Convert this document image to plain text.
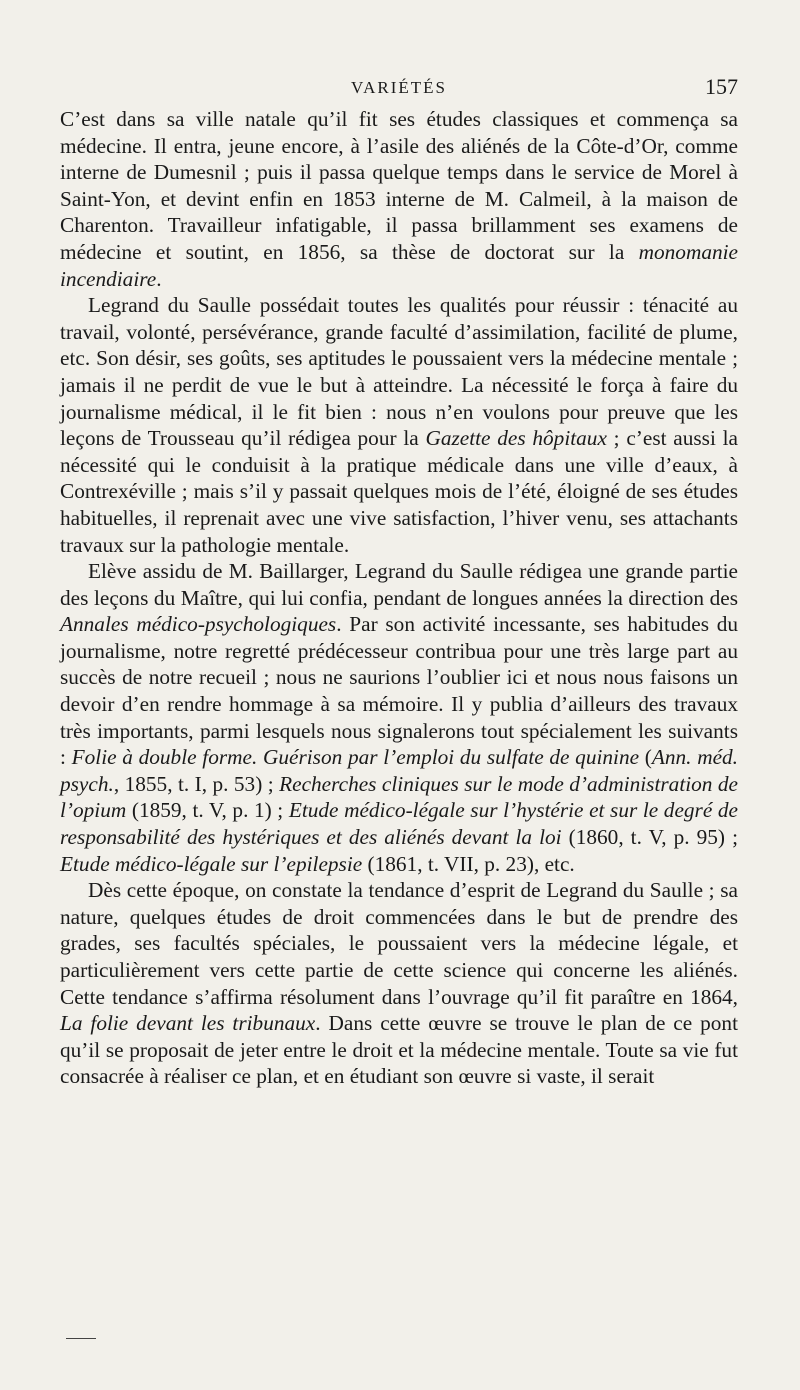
VARIÉTÉS	157

C’est dans sa ville natale qu’il fit ses études classiques et commença sa médecine. Il entra, jeune encore, à l’asile des aliénés de la Côte-d’Or, comme interne de Dumesnil ; puis il passa quelque temps dans le service de Morel à Saint-Yon, et devint enfin en 1853 interne de M. Calmeil, à la maison de Charenton. Travailleur infatigable, il passa brillamment ses examens de médecine et soutint, en 1856, sa thèse de doctorat sur la monomanie incendiaire.

Legrand du Saulle possédait toutes les qualités pour réussir : ténacité au travail, volonté, persévérance, grande faculté d’assimilation, facilité de plume, etc. Son désir, ses goûts, ses aptitudes le poussaient vers la médecine mentale ; jamais il ne perdit de vue le but à atteindre. La nécessité le força à faire du journalisme médical, il le fit bien : nous n’en voulons pour preuve que les leçons de Trousseau qu’il rédigea pour la Gazette des hôpitaux ; c’est aussi la nécessité qui le conduisit à la pratique médicale dans une ville d’eaux, à Contrexéville ; mais s’il y passait quelques mois de l’été, éloigné de ses études habituelles, il reprenait avec une vive satisfaction, l’hiver venu, ses attachants travaux sur la pathologie mentale.

Elève assidu de M. Baillarger, Legrand du Saulle rédigea une grande partie des leçons du Maître, qui lui confia, pendant de longues années la direction des Annales médico-psychologiques. Par son activité incessante, ses habitudes du journalisme, notre regretté prédécesseur contribua pour une très large part au succès de notre recueil ; nous ne saurions l’oublier ici et nous nous faisons un devoir d’en rendre hommage à sa mémoire. Il y publia d’ailleurs des travaux très importants, parmi lesquels nous signalerons tout spécialement les suivants : Folie à double forme. Guérison par l’emploi du sulfate de quinine (Ann. méd. psych., 1855, t. I, p. 53) ; Recherches cliniques sur le mode d’administration de l’opium (1859, t. V, p. 1) ; Etude médico-légale sur l’hystérie et sur le degré de responsabilité des hystériques et des aliénés devant la loi (1860, t. V, p. 95) ; Etude médico-légale sur l’epilepsie (1861, t. VII, p. 23), etc.

Dès cette époque, on constate la tendance d’esprit de Legrand du Saulle ; sa nature, quelques études de droit commencées dans le but de prendre des grades, ses facultés spéciales, le poussaient vers la médecine légale, et particulièrement vers cette partie de cette science qui concerne les aliénés. Cette tendance s’affirma résolument dans l’ouvrage qu’il fit paraître en 1864, La folie devant les tribunaux. Dans cette œuvre se trouve le plan de ce pont qu’il se proposait de jeter entre le droit et la médecine mentale. Toute sa vie fut consacrée à réaliser ce plan, et en étudiant son œuvre si vaste, il serait
